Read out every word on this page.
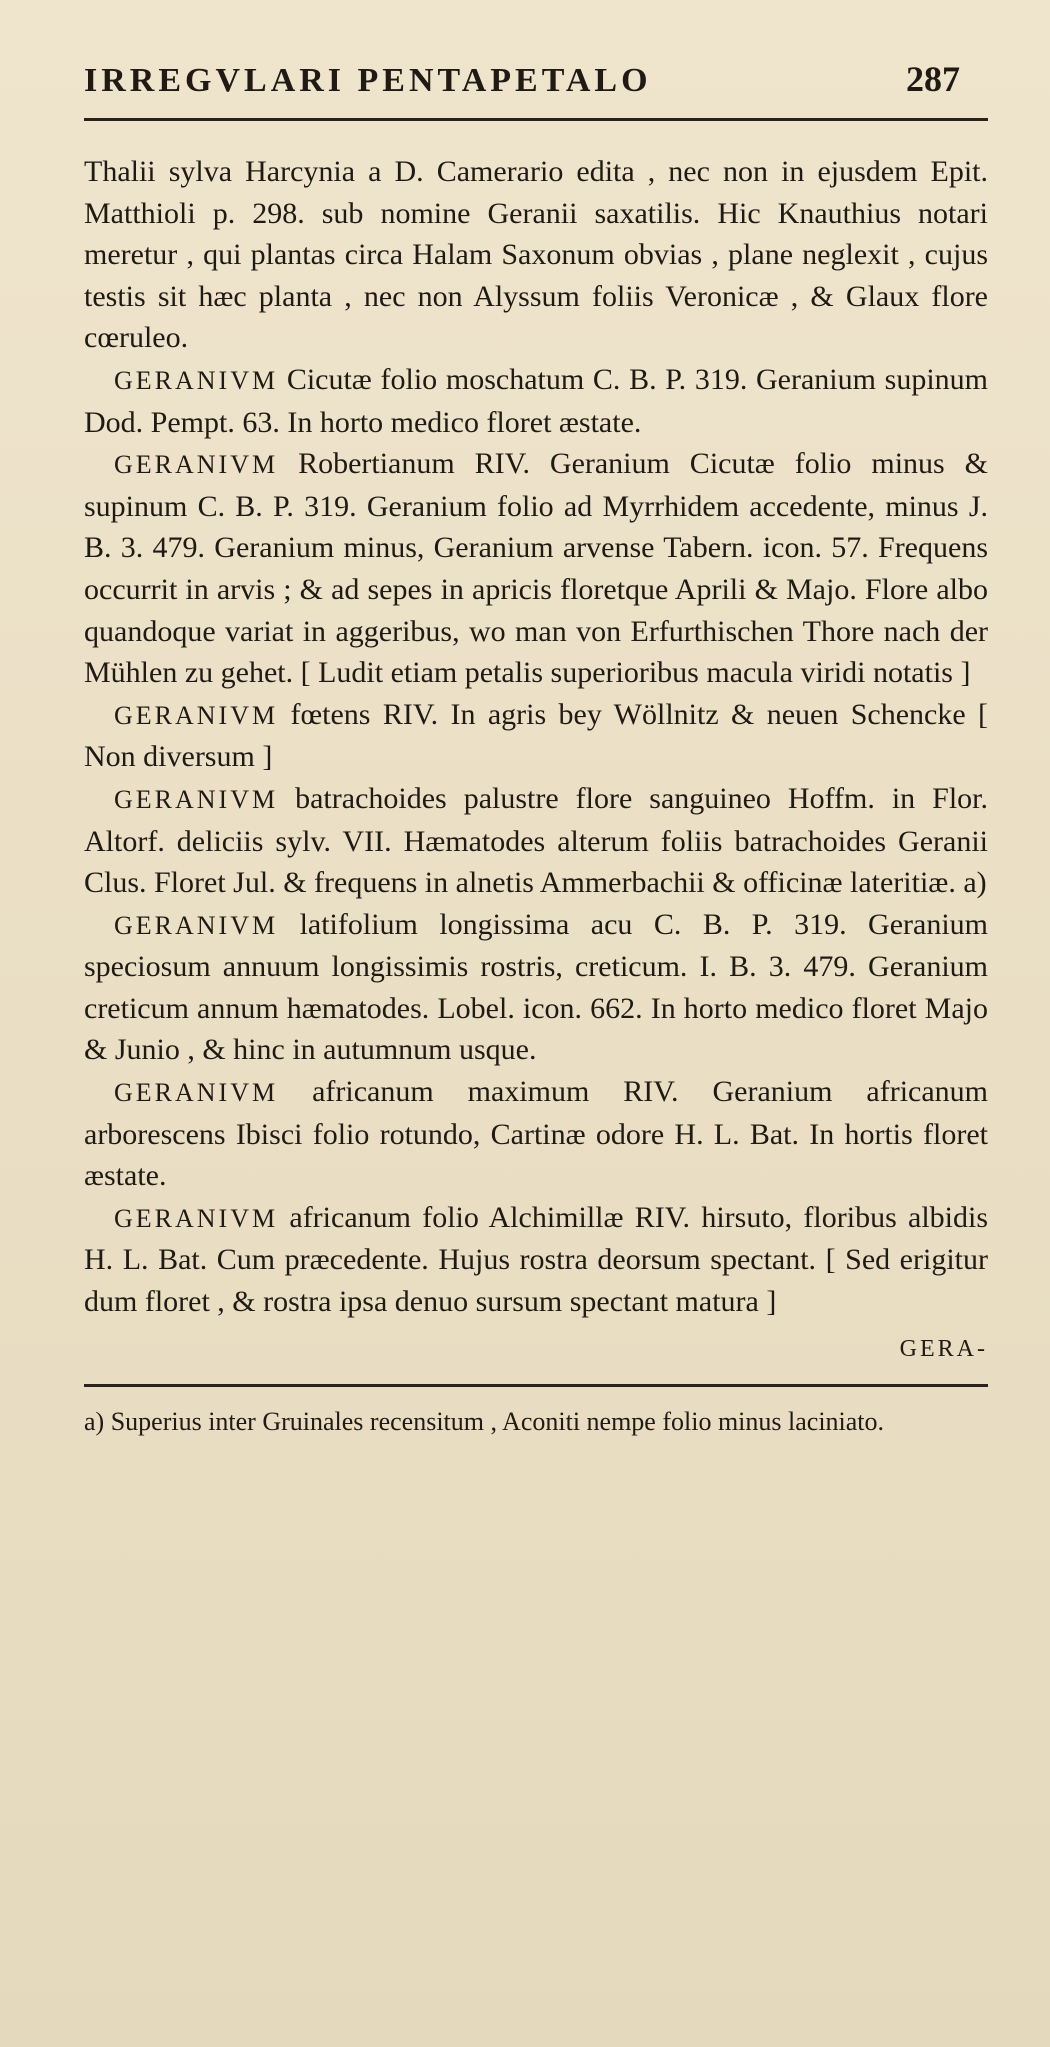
IRREGVLARI PENTAPETALO	287

Thalii sylva Harcynia a D. Camerario edita , nec non in ejusdem Epit. Matthioli p. 298. sub nomine Geranii saxatilis. Hic Knauthius notari meretur , qui plantas circa Halam Saxonum obvias , plane neglexit , cujus testis sit hæc planta , nec non Alyssum foliis Veronicæ , & Glaux flore cœruleo.

 GERANIVM Cicutæ folio moschatum C. B. P. 319. Geranium supinum Dod. Pempt. 63. In horto medico floret æstate.

 GERANIVM Robertianum RIV. Geranium Cicutæ folio minus & supinum C. B. P. 319. Geranium folio ad Myrrhidem accedente, minus J. B. 3. 479. Geranium minus, Geranium arvense Tabern. icon. 57. Frequens occurrit in arvis ; & ad sepes in apricis floretque Aprili & Majo. Flore albo quandoque variat in aggeribus, wo man von Erfurthischen Thore nach der Mühlen zu gehet. [ Ludit etiam petalis superioribus macula viridi notatis ]

 GERANIVM fœtens RIV. In agris bey Wöllnitz & neuen Schencke [ Non diversum ]

 GERANIVM batrachoides palustre flore sanguineo Hoffm. in Flor. Altorf. deliciis sylv. VII. Hæmatodes alterum foliis batrachoides Geranii Clus. Floret Jul. & frequens in alnetis Ammerbachii & officinæ lateritiæ. a)

 GERANIVM latifolium longissima acu C. B. P. 319. Geranium speciosum annuum longissimis rostris, creticum. I. B. 3. 479. Geranium creticum annum hæmatodes. Lobel. icon. 662. In horto medico floret Majo & Junio , & hinc in autumnum usque.

 GERANIVM africanum maximum RIV. Geranium africanum arborescens Ibisci folio rotundo, Cartinæ odore H. L. Bat. In hortis floret æstate.

 GERANIVM africanum folio Alchimillæ RIV. hirsuto, floribus albidis H. L. Bat. Cum præcedente. Hujus rostra deorsum spectant. [ Sed erigitur dum floret , & rostra ipsa denuo sursum spectant matura ]

GERA-
a) Superius inter Gruinales recensitum , Aconiti nempe folio minus laciniato.
